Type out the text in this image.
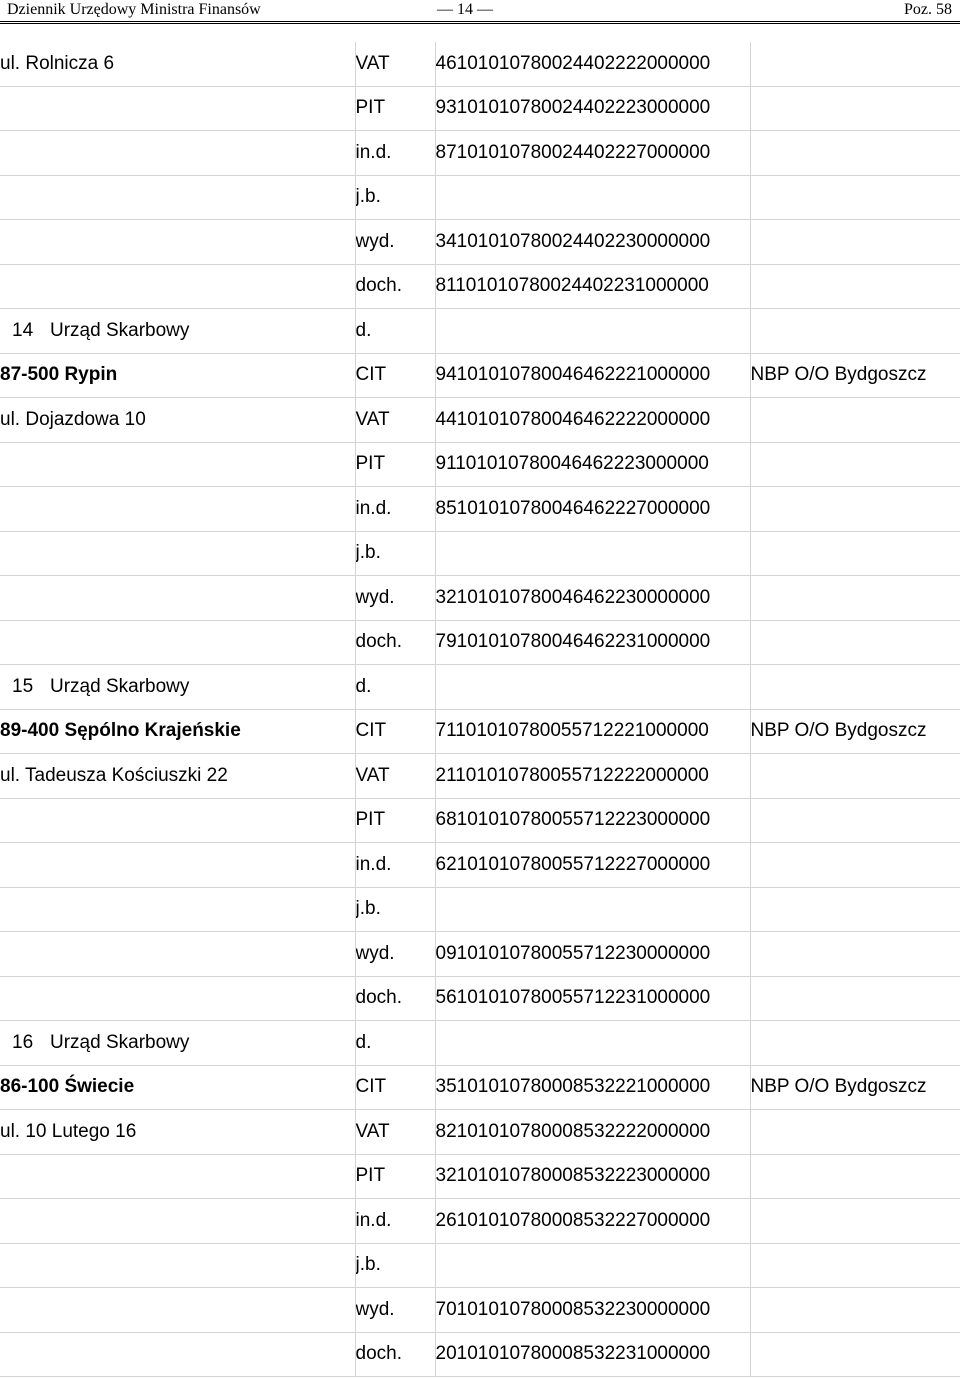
Dziennik Urzędowy Ministra Finansów	— 14 —	Poz. 58
ul. Rolnicza 6	VAT	46101010780024402222000000	
	PIT	93101010780024402223000000	
	in.d.	87101010780024402227000000	
	j.b.		
	wyd.	34101010780024402230000000	
	doch.	81101010780024402231000000	
14 Urząd Skarbowy	d.		
87-500 Rypin	CIT	94101010780046462221000000	NBP O/O Bydgoszcz
ul. Dojazdowa 10	VAT	44101010780046462222000000	
	PIT	91101010780046462223000000	
	in.d.	85101010780046462227000000	
	j.b.		
	wyd.	32101010780046462230000000	
	doch.	79101010780046462231000000	
15 Urząd Skarbowy	d.		
89-400 Sępólno Krajeńskie	CIT	71101010780055712221000000	NBP O/O Bydgoszcz
ul. Tadeusza Kościuszki 22	VAT	21101010780055712222000000	
	PIT	68101010780055712223000000	
	in.d.	62101010780055712227000000	
	j.b.		
	wyd.	09101010780055712230000000	
	doch.	56101010780055712231000000	
16 Urząd Skarbowy	d.		
86-100 Świecie	CIT	35101010780008532221000000	NBP O/O Bydgoszcz
ul. 10 Lutego 16	VAT	82101010780008532222000000	
	PIT	32101010780008532223000000	
	in.d.	26101010780008532227000000	
	j.b.		
	wyd.	70101010780008532230000000	
	doch.	20101010780008532231000000	
